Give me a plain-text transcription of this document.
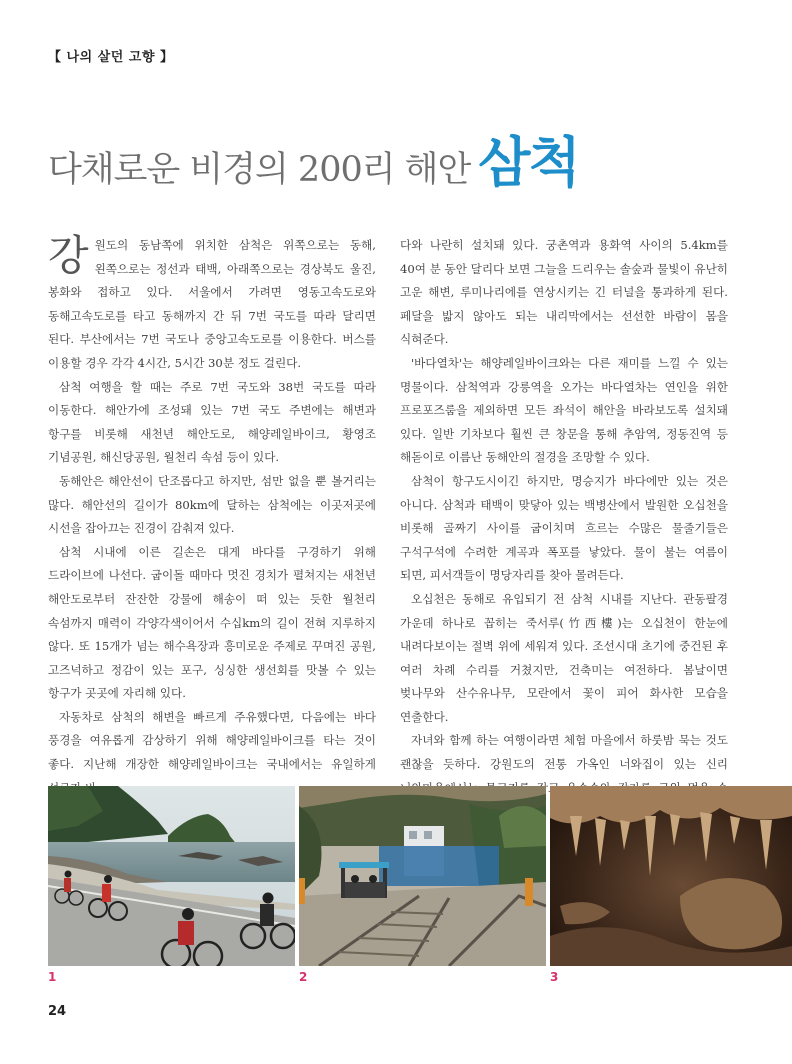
【 나의 살던 고향 】
다채로운 비경의 200리 해안 삼척

강원도의 동남쪽에 위치한 삼척은 위쪽으로는 동해, 왼쪽으로는 정선과 태백, 아래쪽으로는 경상북도 울진, 봉화와 접하고 있다. 서울에서 가려면 영동고속도로와 동해고속도로를 타고 동해까지 간 뒤 7번 국도를 따라 달리면 된다. 부산에서는 7번 국도나 중앙고속도로를 이용한다. 버스를 이용할 경우 각각 4시간, 5시간 30분 정도 걸린다.

삼척 여행을 할 때는 주로 7번 국도와 38번 국도를 따라 이동한다. 해안가에 조성돼 있는 7번 국도 주변에는 해변과 항구를 비롯해 새천년 해안도로, 해양레일바이크, 황영조 기념공원, 해신당공원, 월천리 속섬 등이 있다.

동해안은 해안선이 단조롭다고 하지만, 섬만 없을 뿐 볼거리는 많다. 해안선의 길이가 80km에 달하는 삼척에는 이곳저곳에 시선을 잡아끄는 진경이 감춰져 있다.

삼척 시내에 이른 길손은 대게 바다를 구경하기 위해 드라이브에 나선다. 굽이돌 때마다 멋진 경치가 펼쳐지는 새천년 해안도로부터 잔잔한 강물에 해송이 떠 있는 듯한 월천리 속섬까지 매력이 각양각색이어서 수십km의 길이 전혀 지루하지 않다. 또 15개가 넘는 해수욕장과 흥미로운 주제로 꾸며진 공원, 고즈넉하고 정감이 있는 포구, 싱싱한 생선회를 맛볼 수 있는 항구가 곳곳에 자리해 있다.

자동차로 삼척의 해변을 빠르게 주유했다면, 다음에는 바다 풍경을 여유롭게 감상하기 위해 해양레일바이크를 타는 것이 좋다. 지난해 개장한 해양레일바이크는 국내에서는 유일하게

다와 나란히 설치돼 있다. 궁촌역과 용화역 사이의 5.4km를 40여 분 동안 달리다 보면 그늘을 드리우는 솔숲과 물빛이 유난히 고운 해변, 루미나리에를 연상시키는 긴 터널을 통과하게 된다. 페달을 밟지 않아도 되는 내리막에서는 선선한 바람이 몸을 식혀준다.

'바다열차'는 해양레일바이크와는 다른 재미를 느낄 수 있는 명물이다. 삼척역과 강릉역을 오가는 바다열차는 연인을 위한 프로포즈룸을 제외하면 모든 좌석이 해안을 바라보도록 설치돼 있다. 일반 기차보다 훨씬 큰 창문을 통해 추암역, 정동진역 등 해돋이로 이름난 동해안의 절경을 조망할 수 있다.

삼척이 항구도시이긴 하지만, 명승지가 바다에만 있는 것은 아니다. 삼척과 태백이 맞닿아 있는 백병산에서 발원한 오십천을 비롯해 골짜기 사이를 굽이치며 흐르는 수많은 물줄기들은 구석구석에 수려한 계곡과 폭포를 낳았다. 물이 불는 여름이 되면, 피서객들이 명당자리를 찾아 몰려든다.

오십천은 동해로 유입되기 전 삼척 시내를 지난다. 관동팔경 가운데 하나로 꼽히는 죽서루(竹西樓)는 오십천이 한눈에 내려다보이는 절벽 위에 세워져 있다. 조선시대 초기에 중건된 후 여러 차례 수리를 거쳤지만, 건축미는 여전하다. 봄날이면 벚나무와 산수유나무, 모란에서 꽃이 피어 화사한 모습을 연출한다.

자녀와 함께 하는 여행이라면 체험 마을에서 하룻밤 묵는 것도 괜찮을 듯하다. 강원도의 전통 가옥인 너와집이 있는 신리 잡고

1	2	3
24
